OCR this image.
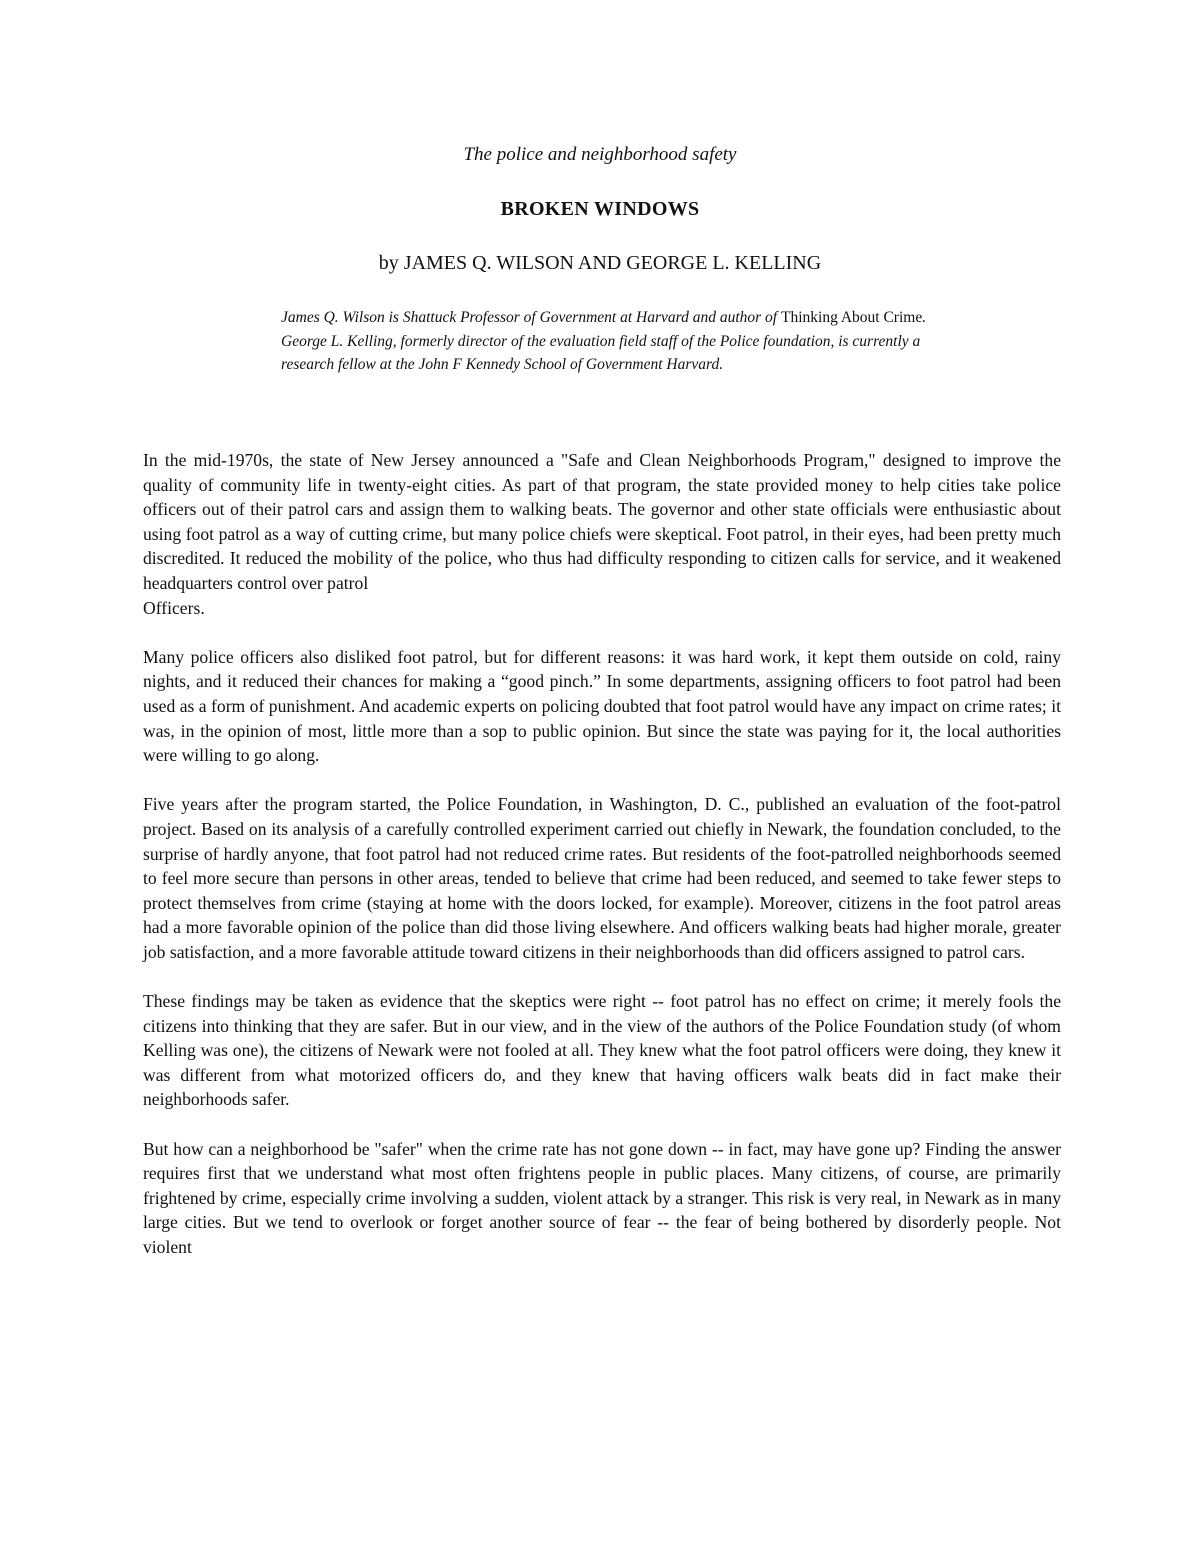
The police and neighborhood safety
BROKEN WINDOWS
by JAMES Q. WILSON AND GEORGE L. KELLING
James Q. Wilson is Shattuck Professor of Government at Harvard and author of Thinking About Crime. George L. Kelling, formerly director of the evaluation field staff of the Police foundation, is currently a research fellow at the John F Kennedy School of Government Harvard.

In the mid-1970s, the state of New Jersey announced a "Safe and Clean Neighborhoods Program," designed to improve the quality of community life in twenty-eight cities. As part of that program, the state provided money to help cities take police officers out of their patrol cars and assign them to walking beats. The governor and other state officials were enthusiastic about using foot patrol as a way of cutting crime, but many police chiefs were skeptical. Foot patrol, in their eyes, had been pretty much discredited. It reduced the mobility of the police, who thus had difficulty responding to citizen calls for service, and it weakened headquarters control over patrol
Officers.

Many police officers also disliked foot patrol, but for different reasons: it was hard work, it kept them outside on cold, rainy nights, and it reduced their chances for making a “good pinch.” In some departments, assigning officers to foot patrol had been used as a form of punishment. And academic experts on policing doubted that foot patrol would have any impact on crime rates; it was, in the opinion of most, little more than a sop to public opinion. But since the state was paying for it, the local authorities were willing to go along.

Five years after the program started, the Police Foundation, in Washington, D. C., published an evaluation of the foot-patrol project. Based on its analysis of a carefully controlled experiment carried out chiefly in Newark, the foundation concluded, to the surprise of hardly anyone, that foot patrol had not reduced crime rates. But residents of the foot-patrolled neighborhoods seemed to feel more secure than persons in other areas, tended to believe that crime had been reduced, and seemed to take fewer steps to protect themselves from crime (staying at home with the doors locked, for example). Moreover, citizens in the foot patrol areas had a more favorable opinion of the police than did those living elsewhere. And officers walking beats had higher morale, greater job satisfaction, and a more favorable attitude toward citizens in their neighborhoods than did officers assigned to patrol cars.

These findings may be taken as evidence that the skeptics were right -- foot patrol has no effect on crime; it merely fools the citizens into thinking that they are safer. But in our view, and in the view of the authors of the Police Foundation study (of whom Kelling was one), the citizens of Newark were not fooled at all. They knew what the foot patrol officers were doing, they knew it was different from what motorized officers do, and they knew that having officers walk beats did in fact make their neighborhoods safer.

But how can a neighborhood be "safer" when the crime rate has not gone down -- in fact, may have gone up? Finding the answer requires first that we understand what most often frightens people in public places. Many citizens, of course, are primarily frightened by crime, especially crime involving a sudden, violent attack by a stranger. This risk is very real, in Newark as in many large cities. But we tend to overlook or forget another source of fear -- the fear of being bothered by disorderly people. Not violent
